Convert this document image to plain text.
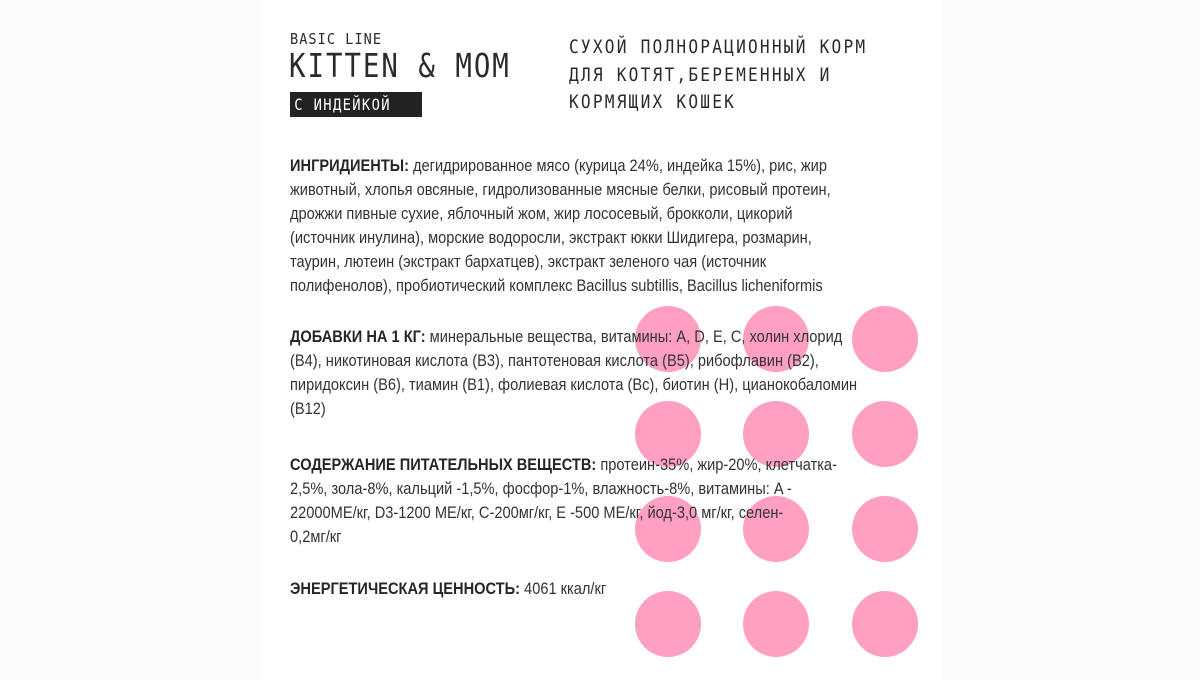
BASIC LINE
KITTEN & MOM
С ИНДЕЙКОЙ
СУХОЙ ПОЛНОРАЦИОННЫЙ КОРМ
ДЛЯ КОТЯТ,БЕРЕМЕННЫХ И
КОРМЯЩИХ КОШЕК
ИНГРИДИЕНТЫ: дегидрированное мясо (курица 24%, индейка 15%), рис, жир
животный, хлопья овсяные, гидролизованные мясные белки, рисовый протеин,
дрожжи пивные сухие, яблочный жом, жир лососевый, брокколи, цикорий
(источник инулина), морские водоросли, экстракт юкки Шидигера, розмарин,
таурин, лютеин (экстракт бархатцев), экстракт зеленого чая (источник
полифенолов), пробиотический комплекс Bacillus subtillis, Bacillus licheniformis
ДОБАВКИ НА 1 КГ: минеральные вещества, витамины: A, D, E, C, холин хлорид
(B4), никотиновая кислота (B3), пантотеновая кислота (B5), рибофлавин (B2),
пиридоксин (B6), тиамин (B1), фолиевая кислота (Bc), биотин (H), цианокобаломин
(B12)
СОДЕРЖАНИЕ ПИТАТЕЛЬНЫХ ВЕЩЕСТВ: протеин-35%, жир-20%, клетчатка-
2,5%, зола-8%, кальций -1,5%, фосфор-1%, влажность-8%, витамины: A -
22000МЕ/кг, D3-1200 МЕ/кг, С-200мг/кг, Е -500 МЕ/кг, йод-3,0 мг/кг, селен-
0,2мг/кг
ЭНЕРГЕТИЧЕСКАЯ ЦЕННОСТЬ: 4061 ккал/кг
